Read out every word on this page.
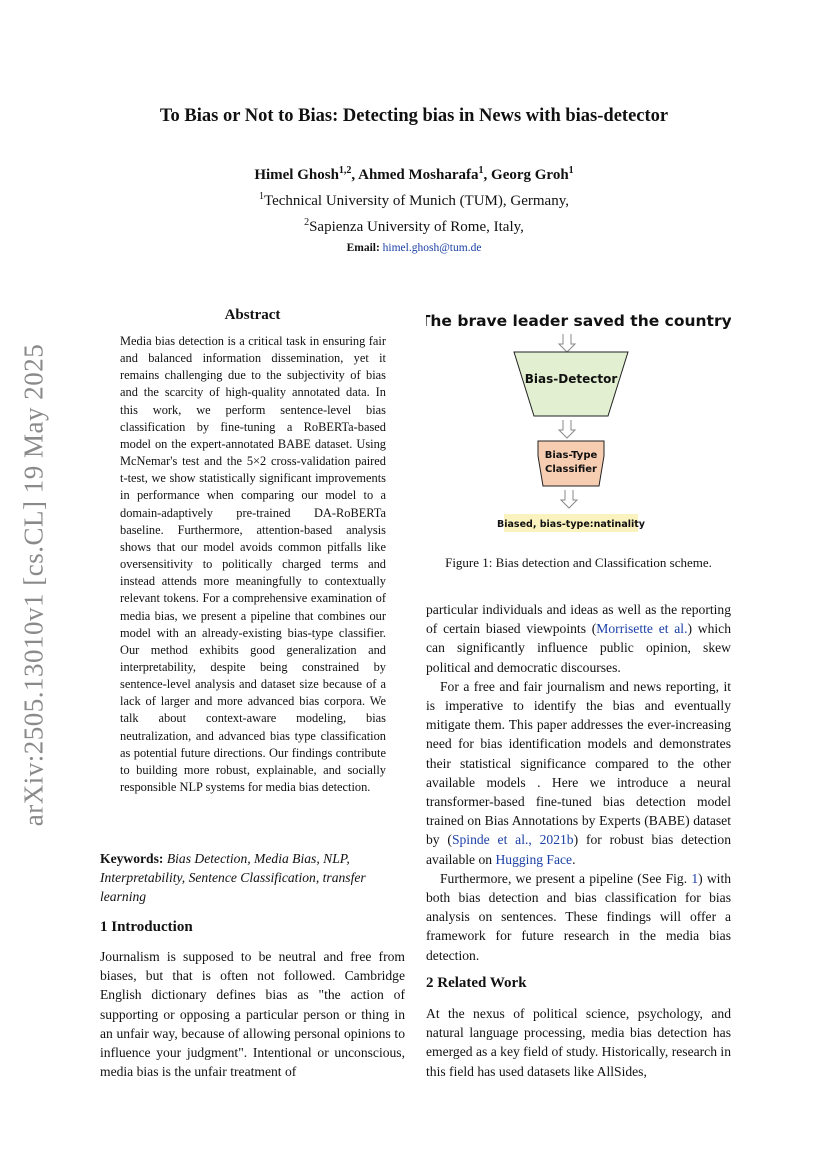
arXiv:2505.13010v1 [cs.CL] 19 May 2025
To Bias or Not to Bias: Detecting bias in News with bias-detector
Himel Ghosh$^{1,2}$, Ahmed Mosharafa$^1$, Georg Groh$^1$
$^1$Technical University of Munich (TUM), Germany,
$^2$Sapienza University of Rome, Italy,
Email: himel.ghosh@tum.de
Abstract
Media bias detection is a critical task in ensuring fair and balanced information dissemination, yet it remains challenging due to the subjectivity of bias and the scarcity of high-quality annotated data. In this work, we perform sentence-level bias classification by fine-tuning a RoBERTa-based model on the expert-annotated BABE dataset. Using McNemar's test and the 5×2 cross-validation paired t-test, we show statistically significant improvements in performance when comparing our model to a domain-adaptively pre-trained DA-RoBERTa baseline. Furthermore, attention-based analysis shows that our model avoids common pitfalls like oversensitivity to politically charged terms and instead attends more meaningfully to contextually relevant tokens. For a comprehensive examination of media bias, we present a pipeline that combines our model with an already-existing bias-type classifier. Our method exhibits good generalization and interpretability, despite being constrained by sentence-level analysis and dataset size because of a lack of larger and more advanced bias corpora. We talk about context-aware modeling, bias neutralization, and advanced bias type classification as potential future directions. Our findings contribute to building more robust, explainable, and socially responsible NLP systems for media bias detection.
Keywords: Bias Detection, Media Bias, NLP, Interpretability, Sentence Classification, transfer learning
1 Introduction
Journalism is supposed to be neutral and free from biases, but that is often not followed. Cambridge English dictionary defines bias as "the action of supporting or opposing a particular person or thing in an unfair way, because of allowing personal opinions to influence your judgment". Intentional or unconscious, media bias is the unfair treatment of
The brave leader saved the country.
Bias-Detector
Bias-Type
Classifier
Biased, bias-type:natinality
Figure 1: Bias detection and Classification scheme.

particular individuals and ideas as well as the reporting of certain biased viewpoints (Morrisette et al.) which can significantly influence public opinion, skew political and democratic discourses.

For a free and fair journalism and news reporting, it is imperative to identify the bias and eventually mitigate them. This paper addresses the ever-increasing need for bias identification models and demonstrates their statistical significance compared to the other available models . Here we introduce a neural transformer-based fine-tuned bias detection model trained on Bias Annotations by Experts (BABE) dataset by (Spinde et al., 2021b) for robust bias detection available on Hugging Face.

Furthermore, we present a pipeline (See Fig. 1) with both bias detection and bias classification for bias analysis on sentences. These findings will offer a framework for future research in the media bias detection.

2 Related Work
At the nexus of political science, psychology, and natural language processing, media bias detection has emerged as a key field of study. Historically, research in this field has used datasets like AllSides,
